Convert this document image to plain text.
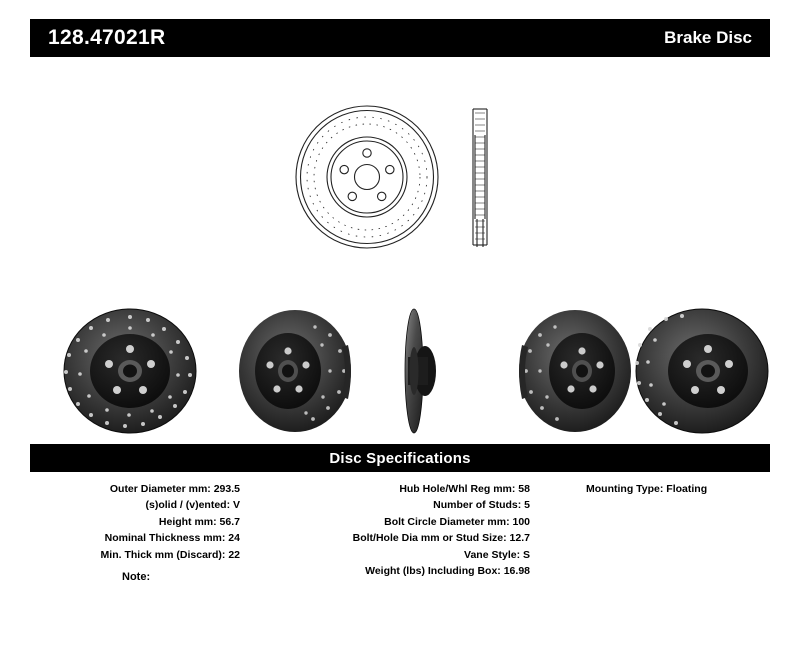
128.47021R	Brake Disc
Disc Specifications
Outer Diameter mm: 293.5
(s)olid / (v)ented: V
Height mm: 56.7
Nominal Thickness mm: 24
Min. Thick mm (Discard): 22
Hub Hole/Whl Reg mm: 58
Number of Studs: 5
Bolt Circle Diameter mm: 100
Bolt/Hole Dia mm or Stud Size: 12.7
Vane Style: S
Weight (lbs) Including Box: 16.98
Mounting Type: Floating
Note:
